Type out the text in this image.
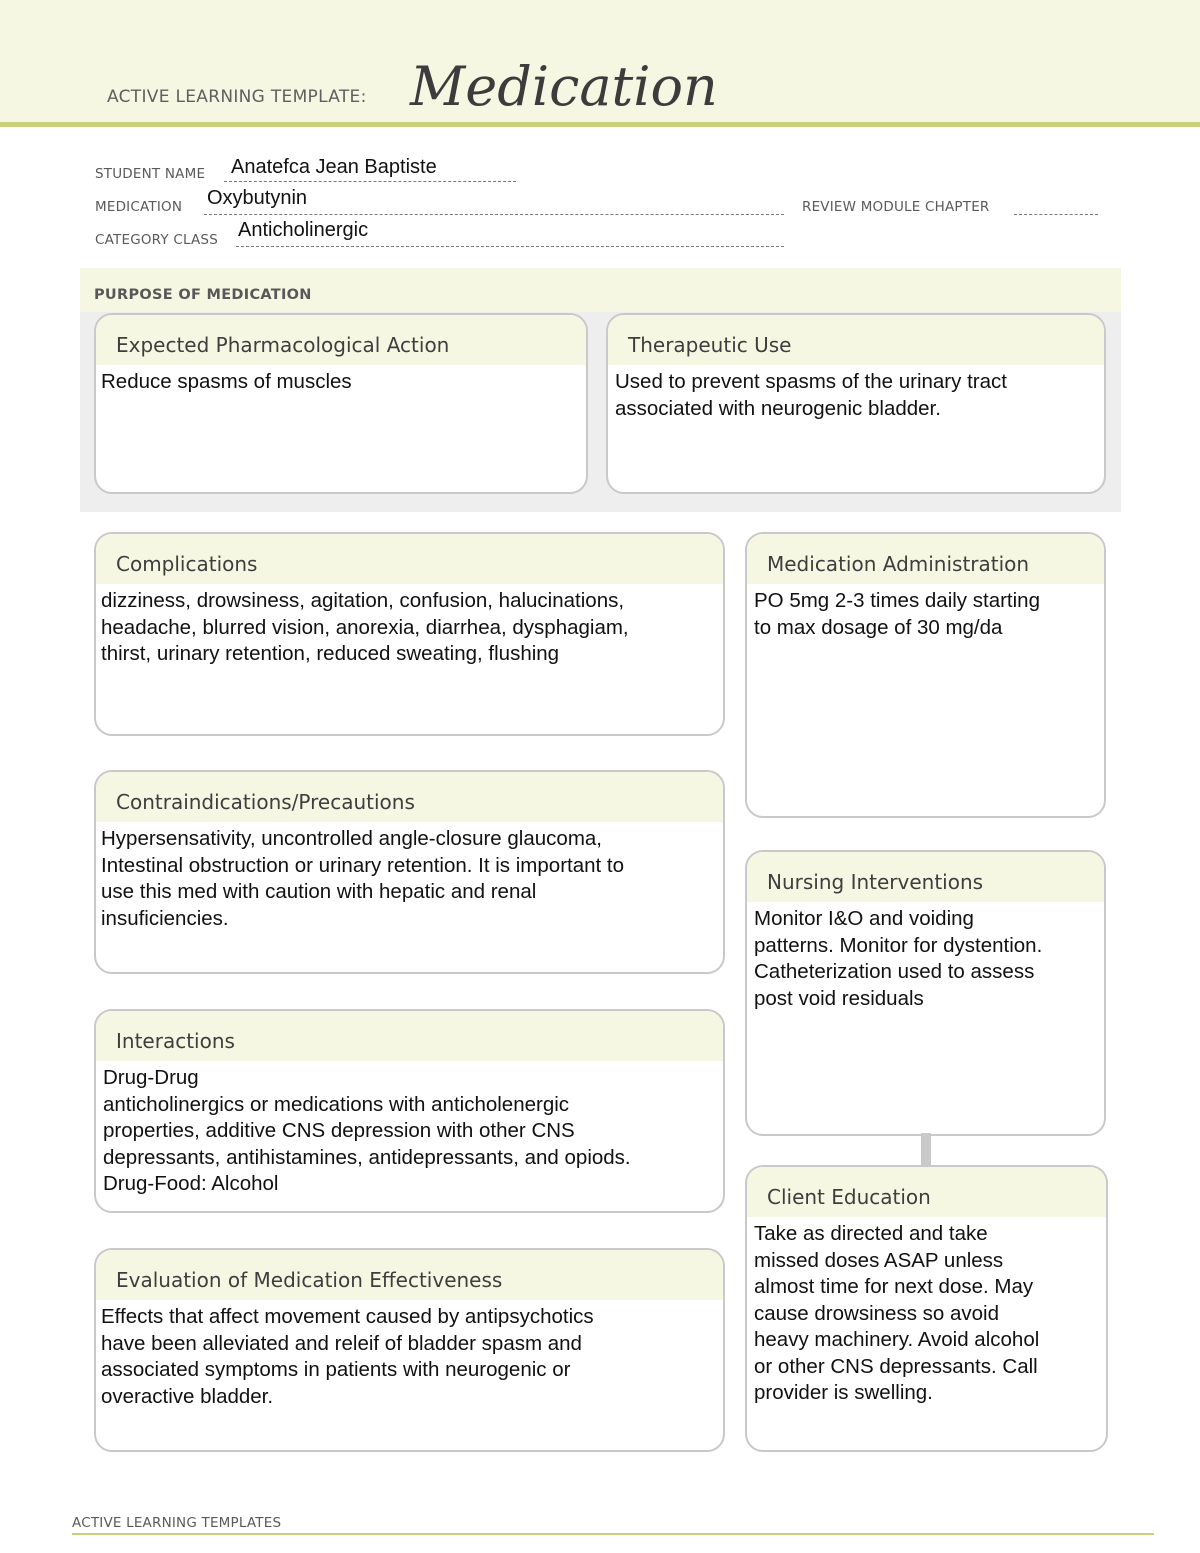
ACTIVE LEARNING TEMPLATE: Medication
STUDENT NAME Anatefca Jean Baptiste
MEDICATION Oxybutynin	REVIEW MODULE CHAPTER
CATEGORY CLASS Anticholinergic
PURPOSE OF MEDICATION
Expected Pharmacological Action
Reduce spasms of muscles
Therapeutic Use
Used to prevent spasms of the urinary tract
associated with neurogenic bladder.
Complications
dizziness, drowsiness, agitation, confusion, halucinations,
headache, blurred vision, anorexia, diarrhea, dysphagiam,
thirst, urinary retention, reduced sweating, flushing
Contraindications/Precautions
Hypersensativity, uncontrolled angle-closure glaucoma,
Intestinal obstruction or urinary retention. It is important to
use this med with caution with hepatic and renal
insuficiencies.
Interactions
Drug-Drug
anticholinergics or medications with anticholenergic
properties, additive CNS depression with other CNS
depressants, antihistamines, antidepressants, and opiods.
Drug-Food: Alcohol
Evaluation of Medication Effectiveness
Effects that affect movement caused by antipsychotics
have been alleviated and releif of bladder spasm and
associated symptoms in patients with neurogenic or
overactive bladder.
Medication Administration
PO 5mg 2-3 times daily starting
to max dosage of 30 mg/da
Nursing Interventions
Monitor I&O and voiding
patterns. Monitor for dystention.
Catheterization used to assess
post void residuals
Client Education
Take as directed and take
missed doses ASAP unless
almost time for next dose. May
cause drowsiness so avoid
heavy machinery. Avoid alcohol
or other CNS depressants. Call
provider is swelling.
ACTIVE LEARNING TEMPLATES
